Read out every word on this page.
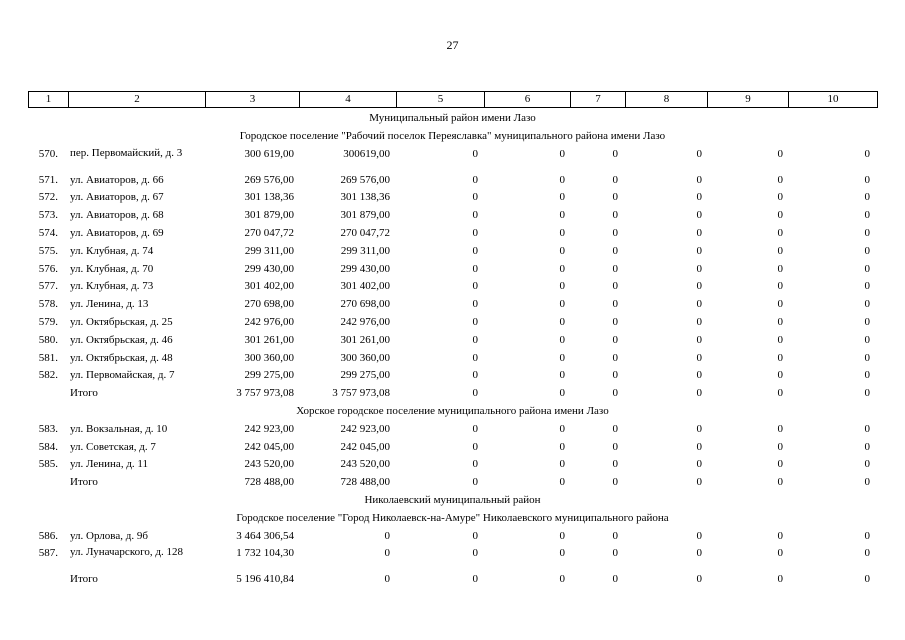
27
1	2	3	4	5	6	7	8	9	10
Муниципальный район имени Лазо
Городское поселение "Рабочий поселок Переяславка" муниципального района имени Лазо
570. пер. Первомайский, д. 3	300 619,00	300619,00	0	0	0	0	0	0
571. ул. Авиаторов, д. 66	269 576,00	269 576,00	0	0	0	0	0	0
572. ул. Авиаторов, д. 67	301 138,36	301 138,36	0	0	0	0	0	0
573. ул. Авиаторов, д. 68	301 879,00	301 879,00	0	0	0	0	0	0
574. ул. Авиаторов, д. 69	270 047,72	270 047,72	0	0	0	0	0	0
575. ул. Клубная, д. 74	299 311,00	299 311,00	0	0	0	0	0	0
576. ул. Клубная, д. 70	299 430,00	299 430,00	0	0	0	0	0	0
577. ул. Клубная, д. 73	301 402,00	301 402,00	0	0	0	0	0	0
578. ул. Ленина, д. 13	270 698,00	270 698,00	0	0	0	0	0	0
579. ул. Октябрьская, д. 25	242 976,00	242 976,00	0	0	0	0	0	0
580. ул. Октябрьская, д. 46	301 261,00	301 261,00	0	0	0	0	0	0
581. ул. Октябрьская, д. 48	300 360,00	300 360,00	0	0	0	0	0	0
582. ул. Первомайская, д. 7	299 275,00	299 275,00	0	0	0	0	0	0
Итого	3 757 973,08	3 757 973,08	0	0	0	0	0	0
Хорское городское поселение муниципального района имени Лазо
583. ул. Вокзальная, д. 10	242 923,00	242 923,00	0	0	0	0	0	0
584. ул. Советская, д. 7	242 045,00	242 045,00	0	0	0	0	0	0
585. ул. Ленина, д. 11	243 520,00	243 520,00	0	0	0	0	0	0
Итого	728 488,00	728 488,00	0	0	0	0	0	0
Николаевский муниципальный район
Городское поселение "Город Николаевск-на-Амуре" Николаевского муниципального района
586. ул. Орлова, д. 9б	3 464 306,54	0	0	0	0	0	0	0
587. ул. Луначарского, д. 128	1 732 104,30	0	0	0	0	0	0	0
Итого	5 196 410,84	0	0	0	0	0	0	0
